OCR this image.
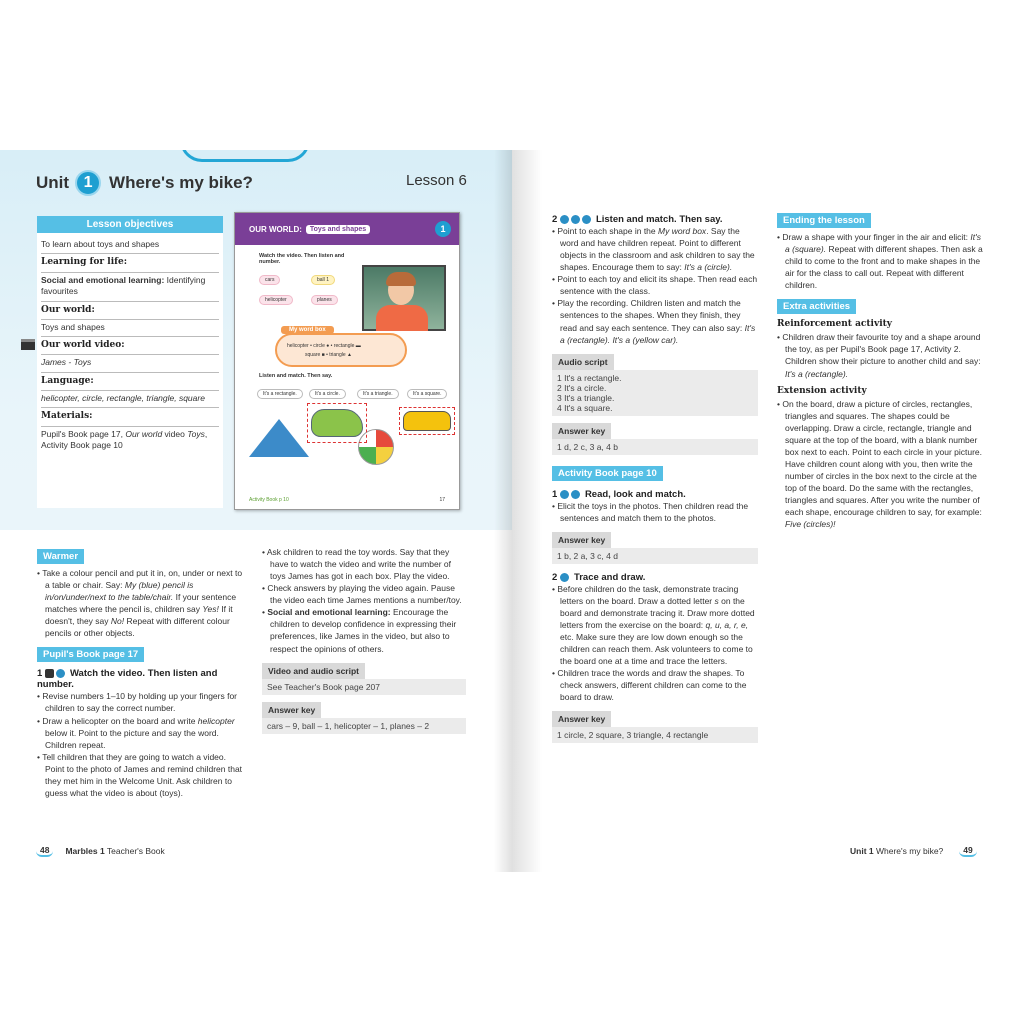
Unit 1 Where's my bike?	Lesson 6
Lesson objectives
To learn about toys and shapes
Learning for life:
Social and emotional learning: Identifying favourites
Our world:
Toys and shapes
Our world video:
James - Toys
Language:
helicopter, circle, rectangle, triangle, square
Materials:
Pupil's Book page 17, Our world video Toys, Activity Book page 10
OUR WORLD:	Toys and shapes	1
Watch the video. Then listen and number.
cars	ball 1
helicopter	planes
helicopter • circle ● • rectangle ▬
square ■ • triangle ▲
My word box
Listen and match. Then say.
It's a rectangle.	It's a circle.	It's a triangle.	It's a square.
Activity Book p 10	17
Warmer
• Take a colour pencil and put it in, on, under or next to a table or chair. Say: My (blue) pencil is in/on/under/next to the table/chair. If your sentence matches where the pencil is, children say Yes! If it doesn't, they say No! Repeat with different colour pencils or other objects.
Pupil's Book page 17
1	Watch the video. Then listen and number.
• Revise numbers 1–10 by holding up your fingers for children to say the correct number.
• Draw a helicopter on the board and write helicopter below it. Point to the picture and say the word. Children repeat.
• Tell children that they are going to watch a video. Point to the photo of James and remind children that they met him in the Welcome Unit. Ask children to guess what the video is about (toys).
• Ask children to read the toy words. Say that they have to watch the video and write the number of toys James has got in each box. Play the video.
• Check answers by playing the video again. Pause the video each time James mentions a number/toy.
• Social and emotional learning: Encourage the children to develop confidence in expressing their preferences, like James in the video, but also to respect the opinions of others.
Video and audio script
See Teacher's Book page 207
Answer key
cars – 9, ball – 1, helicopter – 1, planes – 2
48	Marbles 1 Teacher's Book
2	Listen and match. Then say.
• Point to each shape in the My word box. Say the word and have children repeat. Point to different objects in the classroom and ask children to say the shapes. Encourage them to say: It's a (circle).
• Point to each toy and elicit its shape. Then read each sentence with the class.
• Play the recording. Children listen and match the sentences to the shapes. When they finish, they read and say each sentence. They can also say: It's a (rectangle). It's a (yellow car).
Audio script
1 It's a rectangle.
2 It's a circle.
3 It's a triangle.
4 It's a square.
Answer key
1 d, 2 c, 3 a, 4 b
Activity Book page 10
1	Read, look and match.
• Elicit the toys in the photos. Then children read the sentences and match them to the photos.
Answer key
1 b, 2 a, 3 c, 4 d
2 Trace and draw.
• Before children do the task, demonstrate tracing letters on the board. Draw a dotted letter s on the board and demonstrate tracing it. Draw more dotted letters from the exercise on the board: q, u, a, r, e, etc. Make sure they are low down enough so the children can reach them. Ask volunteers to come to the board one at a time and trace the letters.
• Children trace the words and draw the shapes. To check answers, different children can come to the board to draw.
Answer key
1 circle, 2 square, 3 triangle, 4 rectangle
Ending the lesson
• Draw a shape with your finger in the air and elicit: It's a (square). Repeat with different shapes. Then ask a child to come to the front and to make shapes in the air for the class to call out. Repeat with different children.
Extra activities
Reinforcement activity
• Children draw their favourite toy and a shape around the toy, as per Pupil's Book page 17, Activity 2. Children show their picture to another child and say: It's a (rectangle).
Extension activity
• On the board, draw a picture of circles, rectangles, triangles and squares. The shapes could be overlapping. Draw a circle, rectangle, triangle and square at the top of the board, with a blank number box next to each. Point to each circle in your picture. Have children count along with you, then write the number of circles in the box next to the circle at the top of the board. Do the same with the rectangles, triangles and squares. After you write the number of each shape, encourage children to say, for example: Five (circles)!
Unit 1 Where's my bike?	49
